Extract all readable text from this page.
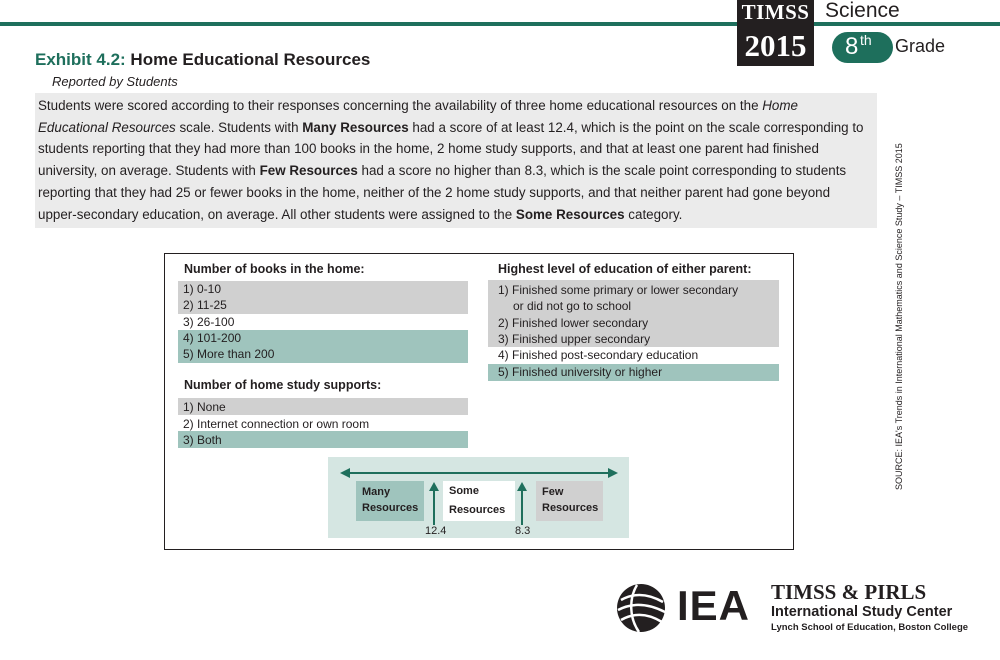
TIMSS
2015
Science
8 th Grade
Exhibit 4.2: Home Educational Resources
Reported by Students
Students were scored according to their responses concerning the availability of three home educational resources on the Home Educational Resources scale. Students with Many Resources had a score of at least 12.4, which is the point on the scale corresponding to students reporting that they had more than 100 books in the home, 2 home study supports, and that at least one parent had finished university, on average. Students with Few Resources had a score no higher than 8.3, which is the scale point corresponding to students reporting that they had 25 or fewer books in the home, neither of the 2 home study supports, and that neither parent had gone beyond upper-secondary education, on average. All other students were assigned to the Some Resources category.	SOURCE: IEA's Trends in International Mathematics and Science Study – TIMSS 2015
Number of books in the home:
1) 0-10
2) 11-25
3) 26-100
4) 101-200
5) More than 200
Number of home study supports:
1) None
2) Internet connection or own room
3) Both
Highest level of education of either parent:
1) Finished some primary or lower secondary
or did not go to school
2) Finished lower secondary
3) Finished upper secondary
4) Finished post-secondary education
5) Finished university or higher
Many
Resources
Some
Resources
Few
Resources
12.4	8.3
IEA TIMSS & PIRLS
International Study Center
Lynch School of Education, Boston College
